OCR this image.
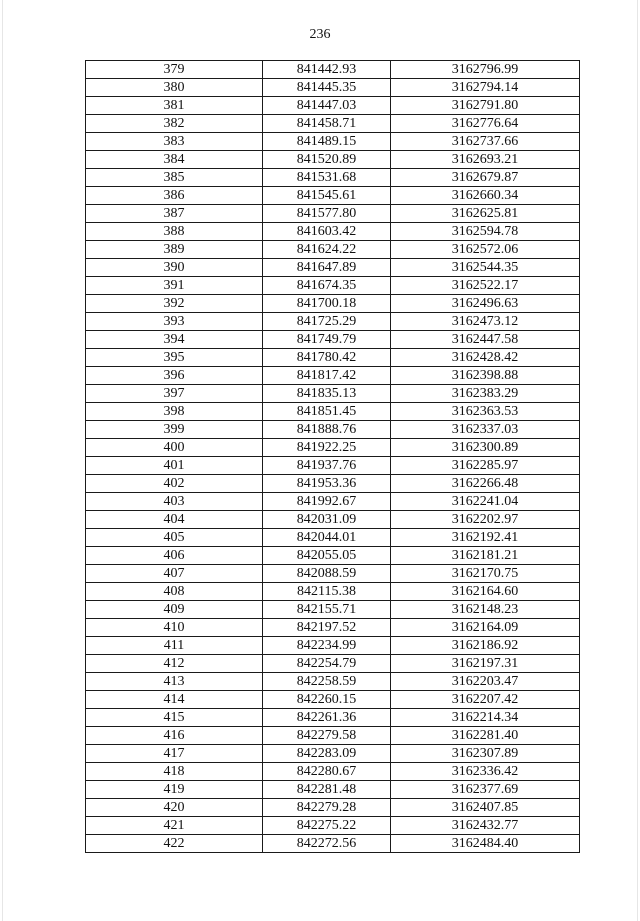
236
379	841442.93	3162796.99
380	841445.35	3162794.14
381	841447.03	3162791.80
382	841458.71	3162776.64
383	841489.15	3162737.66
384	841520.89	3162693.21
385	841531.68	3162679.87
386	841545.61	3162660.34
387	841577.80	3162625.81
388	841603.42	3162594.78
389	841624.22	3162572.06
390	841647.89	3162544.35
391	841674.35	3162522.17
392	841700.18	3162496.63
393	841725.29	3162473.12
394	841749.79	3162447.58
395	841780.42	3162428.42
396	841817.42	3162398.88
397	841835.13	3162383.29
398	841851.45	3162363.53
399	841888.76	3162337.03
400	841922.25	3162300.89
401	841937.76	3162285.97
402	841953.36	3162266.48
403	841992.67	3162241.04
404	842031.09	3162202.97
405	842044.01	3162192.41
406	842055.05	3162181.21
407	842088.59	3162170.75
408	842115.38	3162164.60
409	842155.71	3162148.23
410	842197.52	3162164.09
411	842234.99	3162186.92
412	842254.79	3162197.31
413	842258.59	3162203.47
414	842260.15	3162207.42
415	842261.36	3162214.34
416	842279.58	3162281.40
417	842283.09	3162307.89
418	842280.67	3162336.42
419	842281.48	3162377.69
420	842279.28	3162407.85
421	842275.22	3162432.77
422	842272.56	3162484.40
